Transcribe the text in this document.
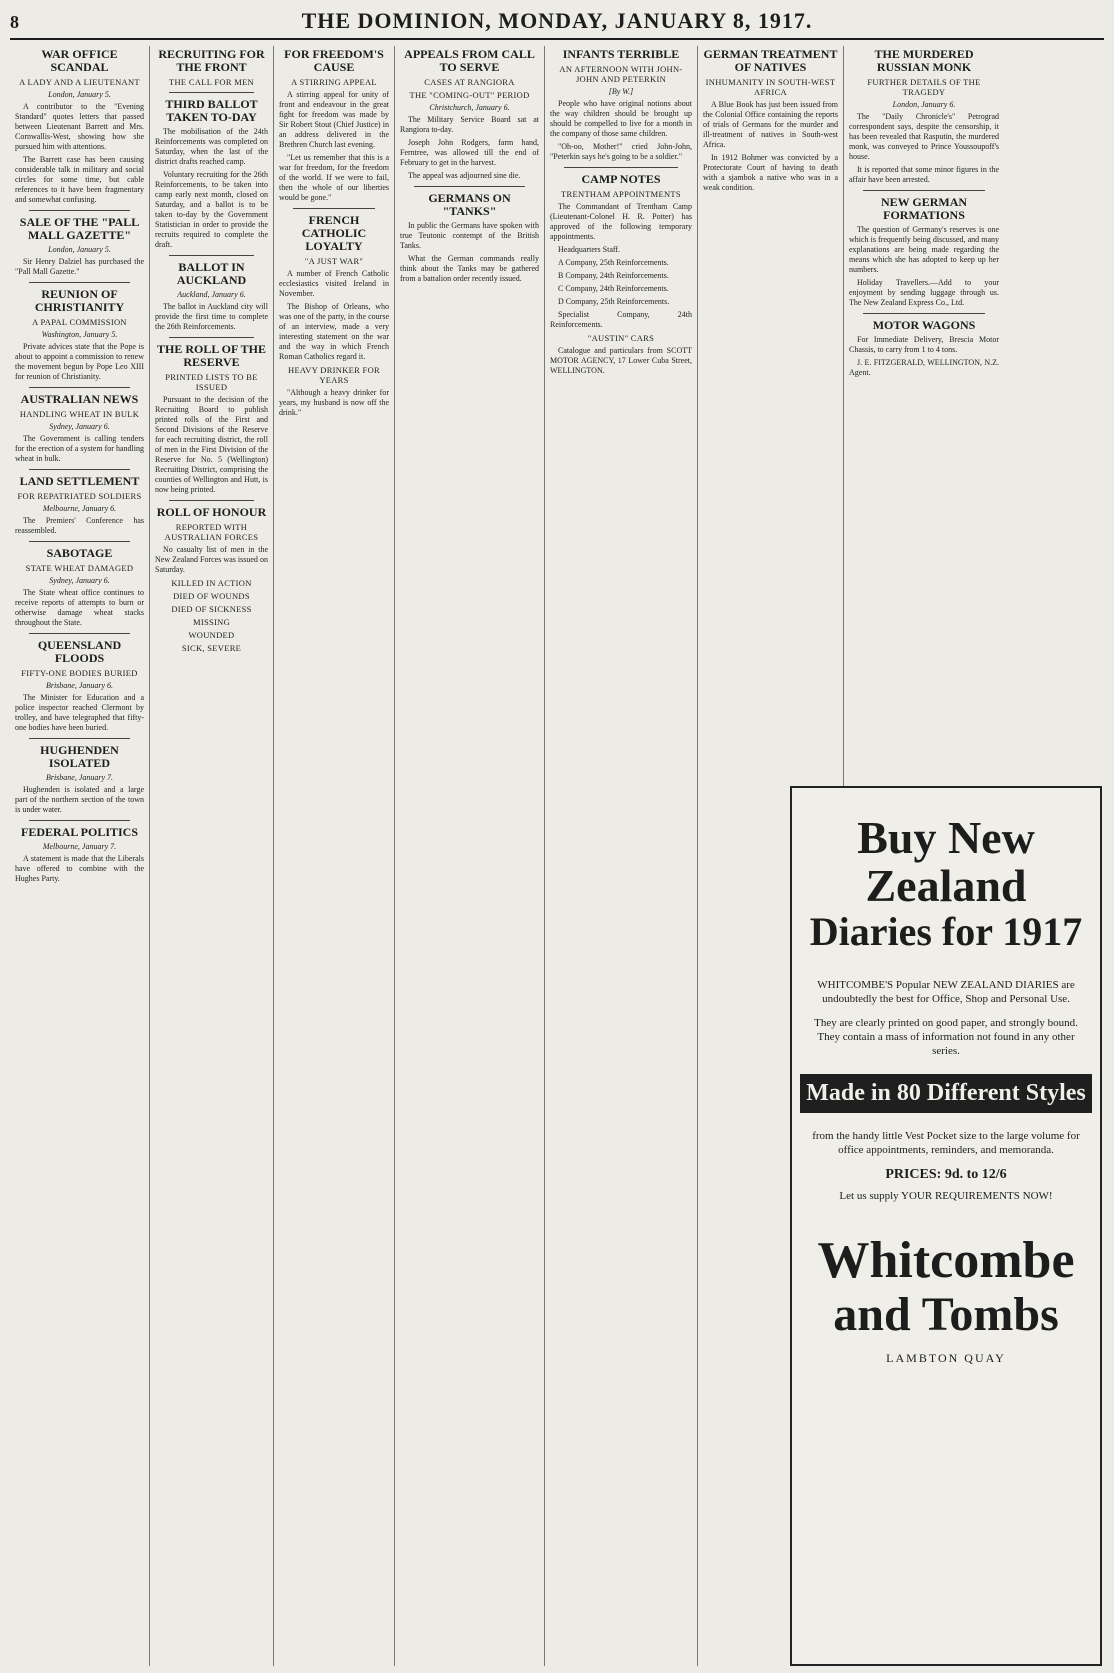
8	THE DOMINION, MONDAY, JANUARY 8, 1917.
WAR OFFICE SCANDAL
A LADY AND A LIEUTENANT
London, January 5.

A contributor to the "Evening Standard" quotes letters that passed between Lieutenant Barrett and Mrs. Cornwallis-West, showing how she pursued him with attentions.

The Barrett case has been causing considerable talk in military and social circles for some time, but cable references to it have been fragmentary and somewhat confusing.

SALE OF THE "PALL MALL GAZETTE"
London, January 5.

Sir Henry Dalziel has purchased the "Pall Mall Gazette."

REUNION OF CHRISTIANITY
A PAPAL COMMISSION
Washington, January 5.

Private advices state that the Pope is about to appoint a commission to renew the movement begun by Pope Leo XIII for reunion of Christianity.

AUSTRALIAN NEWS
HANDLING WHEAT IN BULK
Sydney, January 6.

The Government is calling tenders for the erection of a system for handling wheat in bulk.

LAND SETTLEMENT
FOR REPATRIATED SOLDIERS
Melbourne, January 6.

The Premiers' Conference has reassembled.

SABOTAGE
STATE WHEAT DAMAGED
Sydney, January 6.

The State wheat office continues to receive reports of attempts to burn or otherwise damage wheat stacks throughout the State.

QUEENSLAND FLOODS
FIFTY-ONE BODIES BURIED
Brisbane, January 6.

The Minister for Education and a police inspector reached Clermont by trolley, and have telegraphed that fifty-one bodies have been buried.

HUGHENDEN ISOLATED
Brisbane, January 7.

Hughenden is isolated and a large part of the northern section of the town is under water.

FEDERAL POLITICS
Melbourne, January 7.

A statement is made that the Liberals have offered to combine with the Hughes Party.

RECRUITING FOR THE FRONT
THE CALL FOR MEN
THIRD BALLOT TAKEN TO-DAY

The mobilisation of the 24th Reinforcements was completed on Saturday, when the last of the district drafts reached camp.

Voluntary recruiting for the 26th Reinforcements, to be taken into camp early next month, closed on Saturday, and a ballot is to be taken to-day by the Government Statistician in order to provide the recruits required to complete the draft.

BALLOT IN AUCKLAND
Auckland, January 6.

The ballot in Auckland city will provide the first time to complete the 26th Reinforcements.

THE ROLL OF THE RESERVE
PRINTED LISTS TO BE ISSUED

Pursuant to the decision of the Recruiting Board to publish printed rolls of the First and Second Divisions of the Reserve for each recruiting district, the roll of men in the First Division of the Reserve for No. 5 (Wellington) Recruiting District, comprising the counties of Wellington and Hutt, is now being printed.

ROLL OF HONOUR
REPORTED WITH AUSTRALIAN FORCES

No casualty list of men in the New Zealand Forces was issued on Saturday.

KILLED IN ACTION
DIED OF WOUNDS
DIED OF SICKNESS
MISSING
WOUNDED
SICK, SEVERE
FOR FREEDOM'S CAUSE
A STIRRING APPEAL

A stirring appeal for unity of front and endeavour in the great fight for freedom was made by Sir Robert Stout (Chief Justice) in an address delivered in the Brethren Church last evening.

"Let us remember that this is a war for freedom, for the freedom of the world. If we were to fail, then the whole of our liberties would be gone."

FRENCH CATHOLIC LOYALTY
"A JUST WAR"

A number of French Catholic ecclesiastics visited Ireland in November.

The Bishop of Orleans, who was one of the party, in the course of an interview, made a very interesting statement on the war and the way in which French Roman Catholics regard it.

HEAVY DRINKER FOR YEARS

"Although a heavy drinker for years, my husband is now off the drink."

APPEALS FROM CALL TO SERVE
CASES AT RANGIORA
THE "COMING-OUT" PERIOD
Christchurch, January 6.

The Military Service Board sat at Rangiora to-day.

Joseph John Rodgers, farm hand, Ferntree, was allowed till the end of February to get in the harvest.

The appeal was adjourned sine die.

GERMANS ON "TANKS"

In public the Germans have spoken with true Teutonic contempt of the British Tanks.

What the German commands really think about the Tanks may be gathered from a battalion order recently issued.

INFANTS TERRIBLE
AN AFTERNOON WITH JOHN-JOHN AND PETERKIN
[By W.]

People who have original notions about the way children should be brought up should be compelled to live for a month in the company of those same children.

"Oh-oo, Mother!" cried John-John, "Peterkin says he's going to be a soldier."

CAMP NOTES
TRENTHAM APPOINTMENTS

The Commandant of Trentham Camp (Lieutenant-Colonel H. R. Potter) has approved of the following temporary appointments.

Headquarters Staff.

A Company, 25th Reinforcements.

B Company, 24th Reinforcements.

C Company, 24th Reinforcements.

D Company, 25th Reinforcements.

Specialist Company, 24th Reinforcements.

"AUSTIN" CARS

Catalogue and particulars from SCOTT MOTOR AGENCY, 17 Lower Cuba Street, WELLINGTON.

GERMAN TREATMENT OF NATIVES
INHUMANITY IN SOUTH-WEST AFRICA

A Blue Book has just been issued from the Colonial Office containing the reports of trials of Germans for the murder and ill-treatment of natives in South-west Africa.

In 1912 Bohmer was convicted by a Protectorate Court of having to death with a sjambok a native who was in a weak condition.

THE MURDERED RUSSIAN MONK
FURTHER DETAILS OF THE TRAGEDY
London, January 6.

The "Daily Chronicle's" Petrograd correspondent says, despite the censorship, it has been revealed that Rasputin, the murdered monk, was conveyed to Prince Youssoupoff's house.

It is reported that some minor figures in the affair have been arrested.

NEW GERMAN FORMATIONS

The question of Germany's reserves is one which is frequently being discussed, and many explanations are being made regarding the means which she has adopted to keep up her numbers.

Holiday Travellers.—Add to your enjoyment by sending luggage through us. The New Zealand Express Co., Ltd.

MOTOR WAGONS

For Immediate Delivery, Brescia Motor Chassis, to carry from 1 to 4 tons.

J. E. FITZGERALD, WELLINGTON, N.Z. Agent.

Buy New Zealand
Diaries for 1917
WHITCOMBE'S Popular NEW ZEALAND DIARIES are undoubtedly the best for Office, Shop and Personal Use.
They are clearly printed on good paper, and strongly bound. They contain a mass of information not found in any other series.
Made in 80 Different Styles
from the handy little Vest Pocket size to the large volume for office appointments, reminders, and memoranda.
PRICES: 9d. to 12/6
Let us supply YOUR REQUIREMENTS NOW!
Whitcombe
and Tombs
LAMBTON QUAY
